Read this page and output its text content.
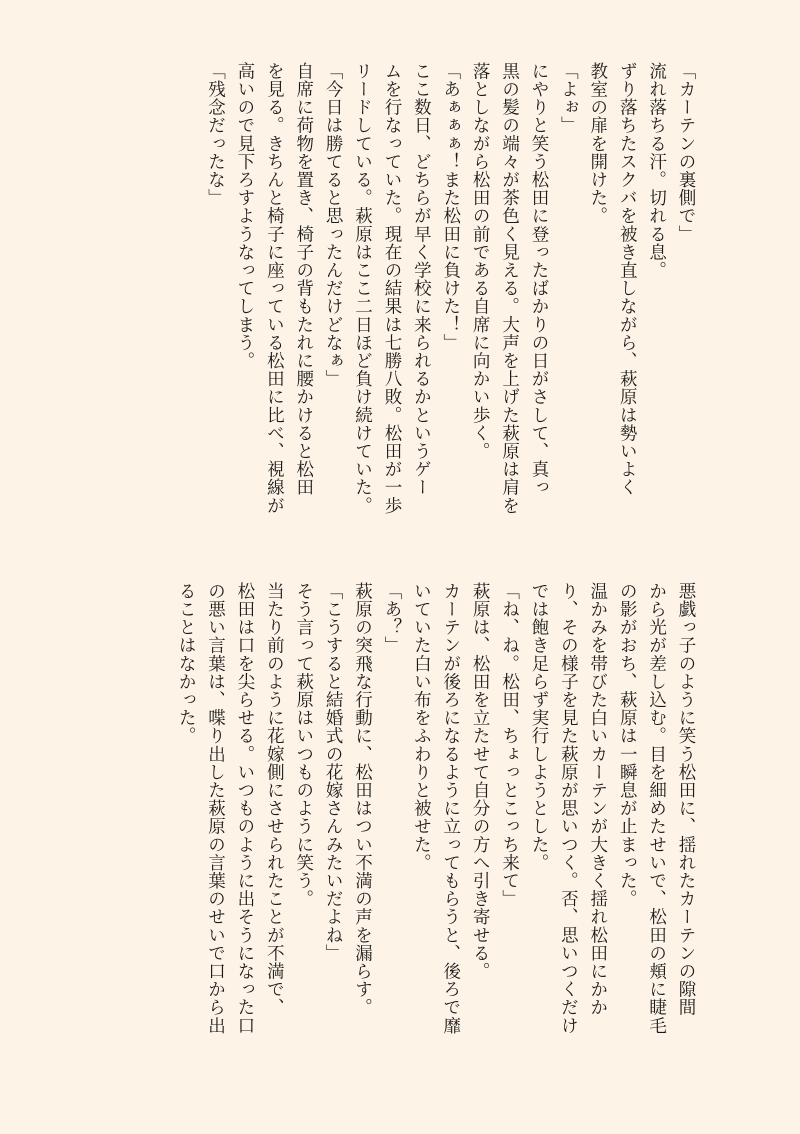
「カーテンの裏側で」

流れ落ちる汗。切れる息。

ずり落ちたスクバを被き直しながら、萩原は勢いよく

教室の扉を開けた。

「よぉ」

にやりと笑う松田に登ったばかりの日がさして、真っ

黒の髪の端々が茶色く見える。大声を上げた萩原は肩を

落としながら松田の前である自席に向かい歩く。

「あぁぁぁ！また松田に負けた！」

ここ数日、どちらが早く学校に来られるかというゲー

ムを行なっていた。現在の結果は七勝八敗。松田が一歩

リードしている。萩原はここ二日ほど負け続けていた。

「今日は勝てると思ったんだけどなぁ」

自席に荷物を置き、椅子の背もたれに腰かけると松田

を見る。きちんと椅子に座っている松田に比べ、視線が

高いので見下ろすようなってしまう。

「残念だったな」

悪戯っ子のように笑う松田に、揺れたカーテンの隙間

から光が差し込む。目を細めたせいで、松田の頬に睫毛

の影がおち、萩原は一瞬息が止まった。

温かみを帯びた白いカーテンが大きく揺れ松田にかか

り、その様子を見た萩原が思いつく。否、思いつくだけ

では飽き足らず実行しようとした。

「ね、ね。松田、ちょっとこっち来て」

萩原は、松田を立たせて自分の方へ引き寄せる。

カーテンが後ろになるように立ってもらうと、後ろで靡

いていた白い布をふわりと被せた。

「あ？」

萩原の突飛な行動に、松田はつい不満の声を漏らす。

「こうすると結婚式の花嫁さんみたいだよね」

そう言って萩原はいつものように笑う。

当たり前のように花嫁側にさせられたことが不満で、

松田は口を尖らせる。いつものように出そうになった口

の悪い言葉は、喋り出した萩原の言葉のせいで口から出

ることはなかった。
